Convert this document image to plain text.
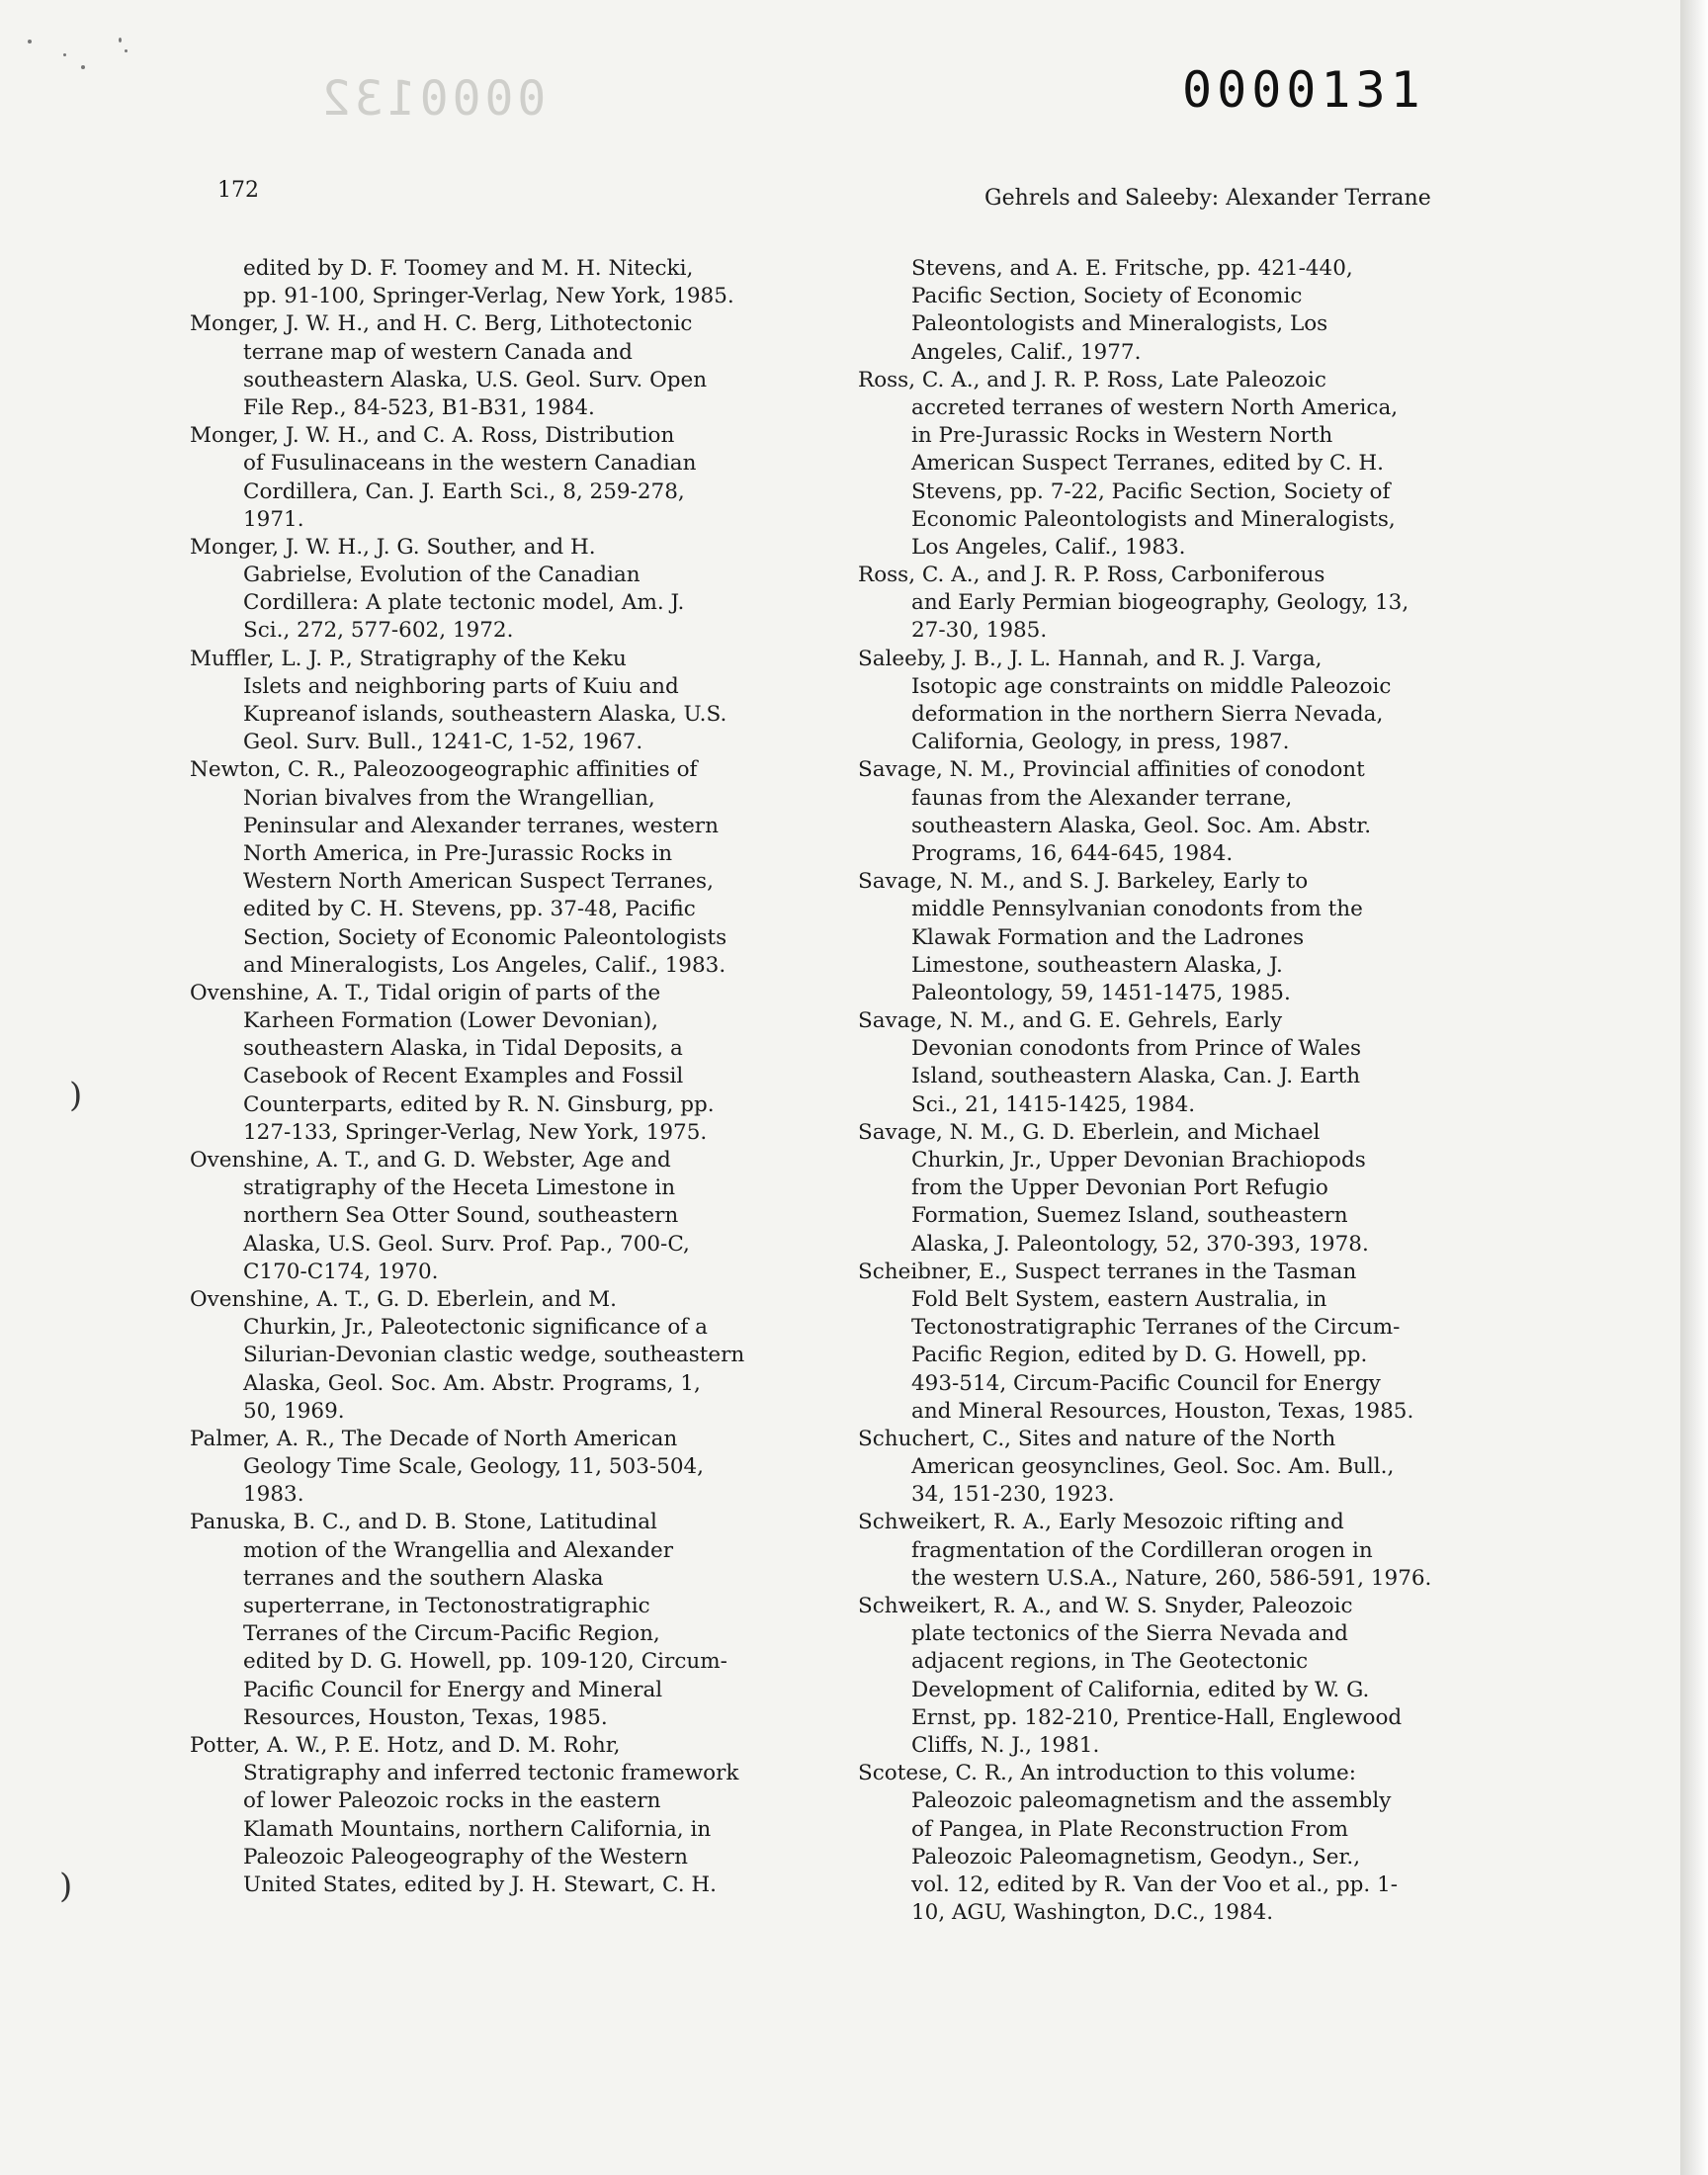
)
)
0000132	0000131
172	Gehrels and Saleeby: Alexander Terrane
edited by D. F. Toomey and M. H. Nitecki,
pp. 91-100, Springer-Verlag, New York, 1985.
Monger, J. W. H., and H. C. Berg, Lithotectonic
terrane map of western Canada and
southeastern Alaska, U.S. Geol. Surv. Open
File Rep., 84-523, B1-B31, 1984.
Monger, J. W. H., and C. A. Ross, Distribution
of Fusulinaceans in the western Canadian
Cordillera, Can. J. Earth Sci., 8, 259-278,
1971.
Monger, J. W. H., J. G. Souther, and H.
Gabrielse, Evolution of the Canadian
Cordillera: A plate tectonic model, Am. J.
Sci., 272, 577-602, 1972.
Muffler, L. J. P., Stratigraphy of the Keku
Islets and neighboring parts of Kuiu and
Kupreanof islands, southeastern Alaska, U.S.
Geol. Surv. Bull., 1241-C, 1-52, 1967.
Newton, C. R., Paleozoogeographic affinities of
Norian bivalves from the Wrangellian,
Peninsular and Alexander terranes, western
North America, in Pre-Jurassic Rocks in
Western North American Suspect Terranes,
edited by C. H. Stevens, pp. 37-48, Pacific
Section, Society of Economic Paleontologists
and Mineralogists, Los Angeles, Calif., 1983.
Ovenshine, A. T., Tidal origin of parts of the
Karheen Formation (Lower Devonian),
southeastern Alaska, in Tidal Deposits, a
Casebook of Recent Examples and Fossil
Counterparts, edited by R. N. Ginsburg, pp.
127-133, Springer-Verlag, New York, 1975.
Ovenshine, A. T., and G. D. Webster, Age and
stratigraphy of the Heceta Limestone in
northern Sea Otter Sound, southeastern
Alaska, U.S. Geol. Surv. Prof. Pap., 700-C,
C170-C174, 1970.
Ovenshine, A. T., G. D. Eberlein, and M.
Churkin, Jr., Paleotectonic significance of a
Silurian-Devonian clastic wedge, southeastern
Alaska, Geol. Soc. Am. Abstr. Programs, 1,
50, 1969.
Palmer, A. R., The Decade of North American
Geology Time Scale, Geology, 11, 503-504,
1983.
Panuska, B. C., and D. B. Stone, Latitudinal
motion of the Wrangellia and Alexander
terranes and the southern Alaska
superterrane, in Tectonostratigraphic
Terranes of the Circum-Pacific Region,
edited by D. G. Howell, pp. 109-120, Circum-
Pacific Council for Energy and Mineral
Resources, Houston, Texas, 1985.
Potter, A. W., P. E. Hotz, and D. M. Rohr,
Stratigraphy and inferred tectonic framework
of lower Paleozoic rocks in the eastern
Klamath Mountains, northern California, in
Paleozoic Paleogeography of the Western
United States, edited by J. H. Stewart, C. H.
Stevens, and A. E. Fritsche, pp. 421-440,
Pacific Section, Society of Economic
Paleontologists and Mineralogists, Los
Angeles, Calif., 1977.
Ross, C. A., and J. R. P. Ross, Late Paleozoic
accreted terranes of western North America,
in Pre-Jurassic Rocks in Western North
American Suspect Terranes, edited by C. H.
Stevens, pp. 7-22, Pacific Section, Society of
Economic Paleontologists and Mineralogists,
Los Angeles, Calif., 1983.
Ross, C. A., and J. R. P. Ross, Carboniferous
and Early Permian biogeography, Geology, 13,
27-30, 1985.
Saleeby, J. B., J. L. Hannah, and R. J. Varga,
Isotopic age constraints on middle Paleozoic
deformation in the northern Sierra Nevada,
California, Geology, in press, 1987.
Savage, N. M., Provincial affinities of conodont
faunas from the Alexander terrane,
southeastern Alaska, Geol. Soc. Am. Abstr.
Programs, 16, 644-645, 1984.
Savage, N. M., and S. J. Barkeley, Early to
middle Pennsylvanian conodonts from the
Klawak Formation and the Ladrones
Limestone, southeastern Alaska, J.
Paleontology, 59, 1451-1475, 1985.
Savage, N. M., and G. E. Gehrels, Early
Devonian conodonts from Prince of Wales
Island, southeastern Alaska, Can. J. Earth
Sci., 21, 1415-1425, 1984.
Savage, N. M., G. D. Eberlein, and Michael
Churkin, Jr., Upper Devonian Brachiopods
from the Upper Devonian Port Refugio
Formation, Suemez Island, southeastern
Alaska, J. Paleontology, 52, 370-393, 1978.
Scheibner, E., Suspect terranes in the Tasman
Fold Belt System, eastern Australia, in
Tectonostratigraphic Terranes of the Circum-
Pacific Region, edited by D. G. Howell, pp.
493-514, Circum-Pacific Council for Energy
and Mineral Resources, Houston, Texas, 1985.
Schuchert, C., Sites and nature of the North
American geosynclines, Geol. Soc. Am. Bull.,
34, 151-230, 1923.
Schweikert, R. A., Early Mesozoic rifting and
fragmentation of the Cordilleran orogen in
the western U.S.A., Nature, 260, 586-591, 1976.
Schweikert, R. A., and W. S. Snyder, Paleozoic
plate tectonics of the Sierra Nevada and
adjacent regions, in The Geotectonic
Development of California, edited by W. G.
Ernst, pp. 182-210, Prentice-Hall, Englewood
Cliffs, N. J., 1981.
Scotese, C. R., An introduction to this volume:
Paleozoic paleomagnetism and the assembly
of Pangea, in Plate Reconstruction From
Paleozoic Paleomagnetism, Geodyn., Ser.,
vol. 12, edited by R. Van der Voo et al., pp. 1-
10, AGU, Washington, D.C., 1984.
